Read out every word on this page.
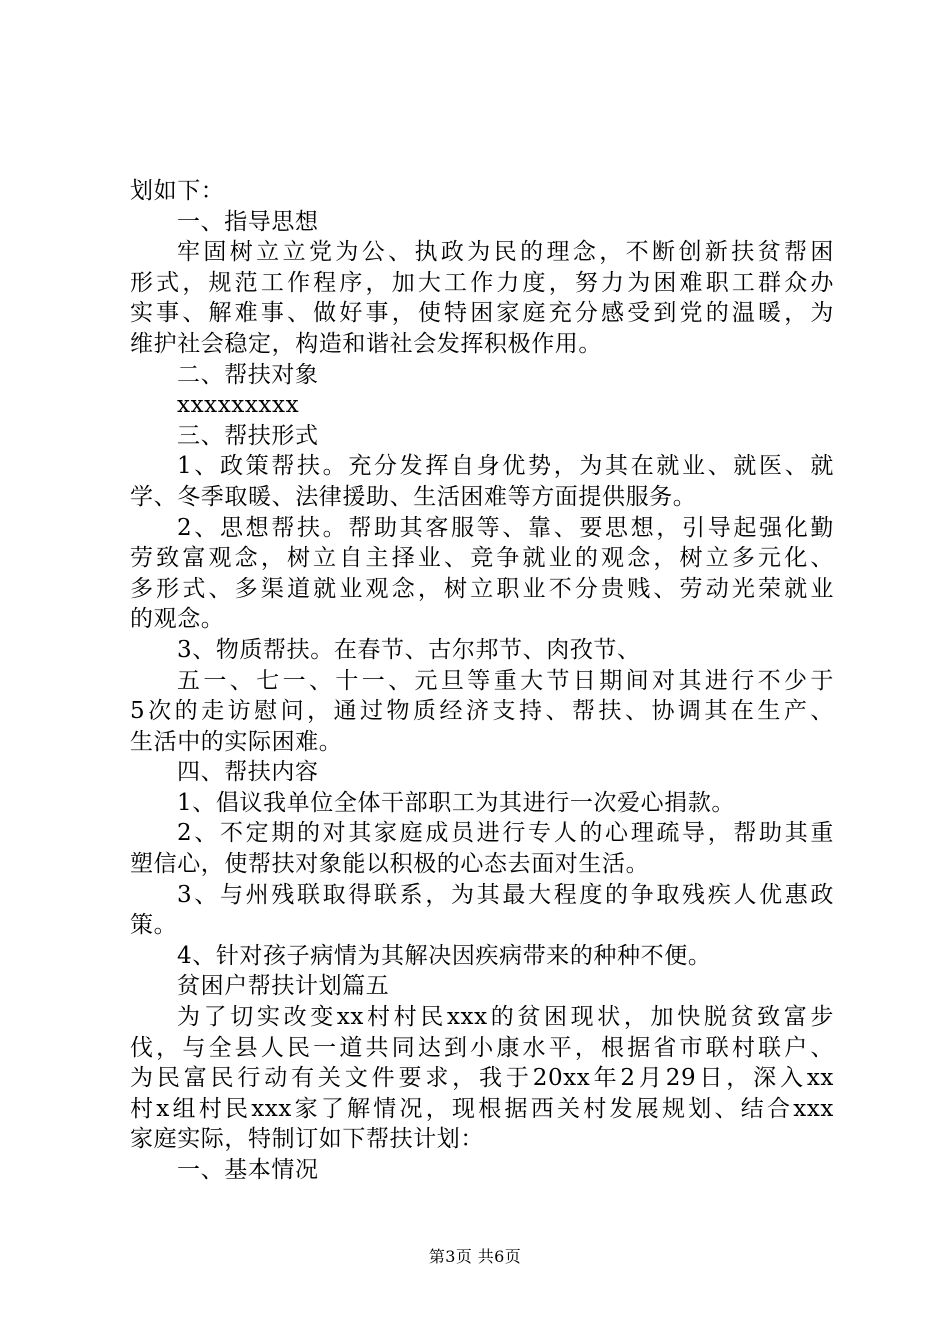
划如下：
一、指导思想
牢固树立立党为公、执政为民的理念，不断创新扶贫帮困
形式，规范工作程序，加大工作力度，努力为困难职工群众办
实事、解难事、做好事，使特困家庭充分感受到党的温暖，为
维护社会稳定，构造和谐社会发挥积极作用。
二、帮扶对象
xxxxxxxxx
三、帮扶形式
1、政策帮扶。充分发挥自身优势，为其在就业、就医、就
学、冬季取暖、法律援助、生活困难等方面提供服务。
2、思想帮扶。帮助其客服等、靠、要思想，引导起强化勤
劳致富观念，树立自主择业、竞争就业的观念，树立多元化、
多形式、多渠道就业观念，树立职业不分贵贱、劳动光荣就业
的观念。
3、物质帮扶。在春节、古尔邦节、肉孜节、
五一、七一、十一、元旦等重大节日期间对其进行不少于
5次的走访慰问，通过物质经济支持、帮扶、协调其在生产、
生活中的实际困难。
四、帮扶内容
1、倡议我单位全体干部职工为其进行一次爱心捐款。
2、不定期的对其家庭成员进行专人的心理疏导，帮助其重
塑信心，使帮扶对象能以积极的心态去面对生活。
3、与州残联取得联系，为其最大程度的争取残疾人优惠政
策。
4、针对孩子病情为其解决因疾病带来的种种不便。
贫困户帮扶计划篇五
为了切实改变xx村村民xxx的贫困现状，加快脱贫致富步
伐，与全县人民一道共同达到小康水平，根据省市联村联户、
为民富民行动有关文件要求，我于20xx年2月29日，深入xx
村x组村民xxx家了解情况，现根据西关村发展规划、结合xxx
家庭实际，特制订如下帮扶计划：
一、基本情况
第3页 共6页
